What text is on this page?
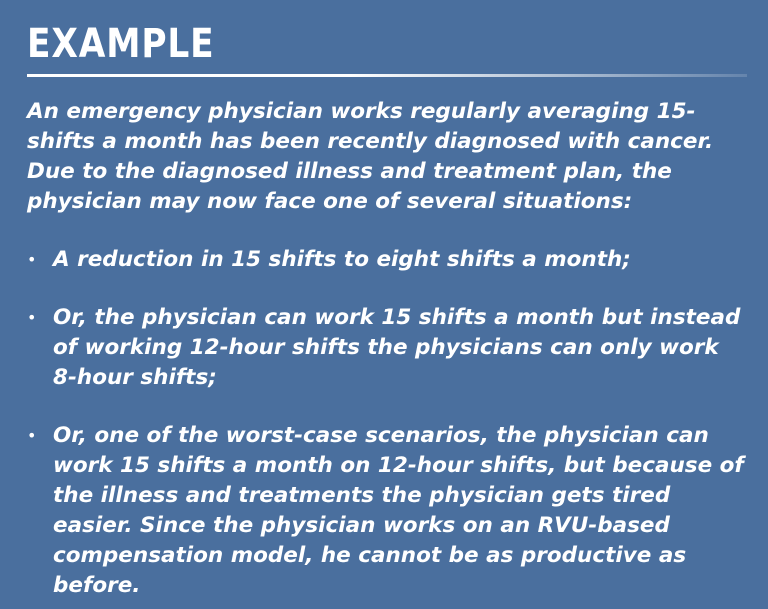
EXAMPLE

An emergency physician works regularly averaging 15-shifts a month has been recently diagnosed with cancer. Due to the diagnosed illness and treatment plan, the physician may now face one of several situations:

• A reduction in 15 shifts to eight shifts a month;
• Or, the physician can work 15 shifts a month but instead of working 12-hour shifts the physicians can only work 8-hour shifts;
• Or, one of the worst-case scenarios, the physician can work 15 shifts a month on 12-hour shifts, but because of the illness and treatments the physician gets tired easier. Since the physician works on an RVU-based compensation model, he cannot be as productive as before.
